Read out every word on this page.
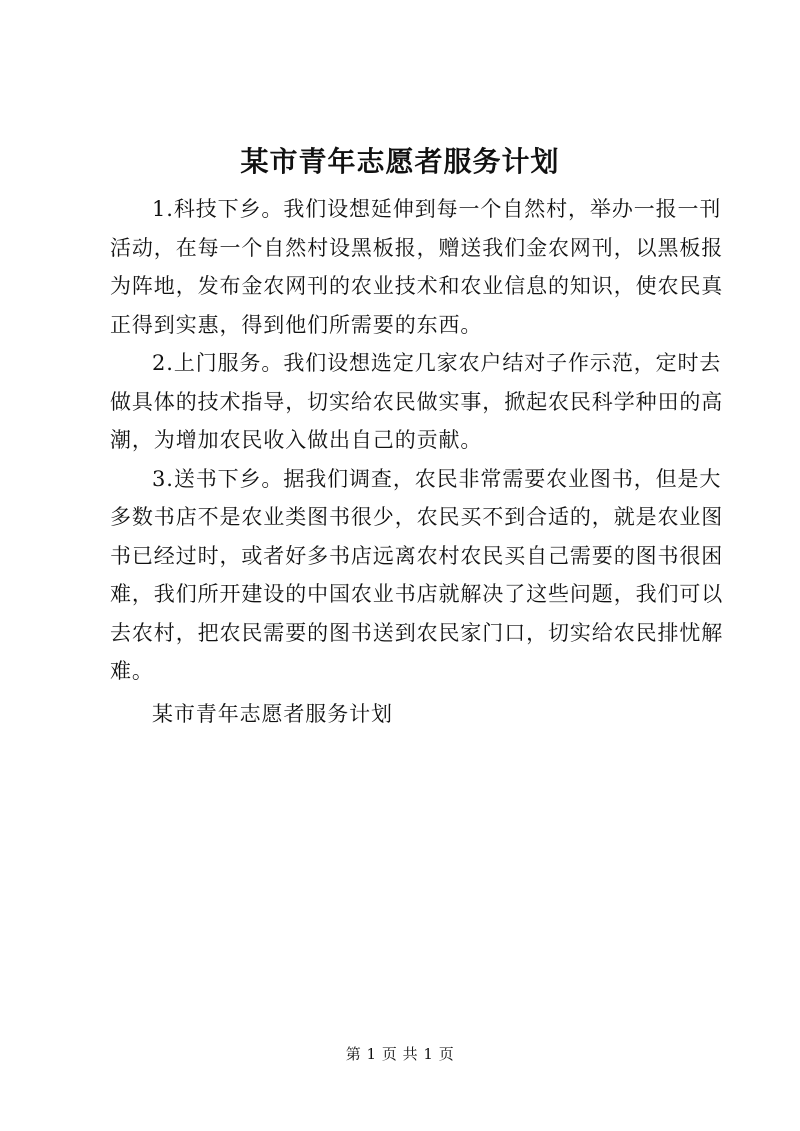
某市青年志愿者服务计划

1.科技下乡。我们设想延伸到每一个自然村，举办一报一刊
活动，在每一个自然村设黑板报，赠送我们金农网刊，以黑板报
为阵地，发布金农网刊的农业技术和农业信息的知识，使农民真
正得到实惠，得到他们所需要的东西。

2.上门服务。我们设想选定几家农户结对子作示范，定时去
做具体的技术指导，切实给农民做实事，掀起农民科学种田的高
潮，为增加农民收入做出自己的贡献。

3.送书下乡。据我们调查，农民非常需要农业图书，但是大
多数书店不是农业类图书很少，农民买不到合适的，就是农业图
书已经过时，或者好多书店远离农村农民买自己需要的图书很困
难，我们所开建设的中国农业书店就解决了这些问题，我们可以
去农村，把农民需要的图书送到农民家门口，切实给农民排忧解
难。

某市青年志愿者服务计划

第 1 页 共 1 页
